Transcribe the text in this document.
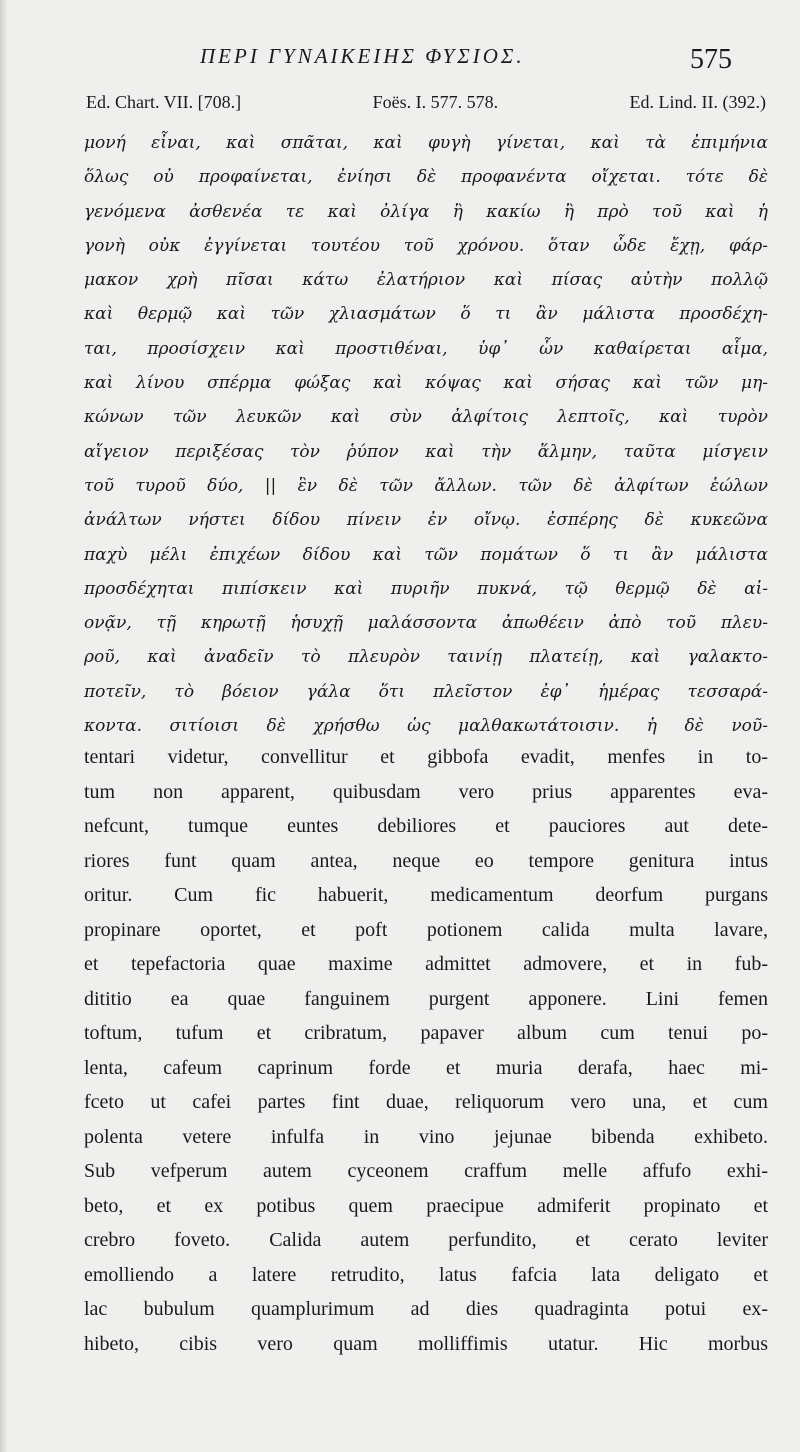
ΠΕΡΙ ΓΥΝΑΙΚΕΙΗΣ ΦΥΣΙΟΣ.	575
Ed. Chart. VII. [708.]	Foës. I. 577. 578.	Ed. Lind. II. (392.)
μονή εἶναι, καὶ σπᾶται, καὶ φυγὴ γίνεται, καὶ τὰ ἐπιμήνια
ὅλως οὐ προφαίνεται, ἐνίησι δὲ προφανέντα οἴχεται. τότε δὲ
γενόμενα ἀσθενέα τε καὶ ὀλίγα ἢ κακίω ἢ πρὸ τοῦ καὶ ἡ
γονὴ οὐκ ἐγγίνεται τουτέου τοῦ χρόνου. ὅταν ὧδε ἔχῃ, φάρ-
μακον χρὴ πῖσαι κάτω ἐλατήριον καὶ πίσας αὐτὴν πολλῷ
καὶ θερμῷ καὶ τῶν χλιασμάτων ὅ τι ἂν μάλιστα προσδέχη-
ται, προσίσχειν καὶ προστιθέναι, ὑφ᾽ ὧν καθαίρεται αἷμα,
καὶ λίνου σπέρμα φώξας καὶ κόψας καὶ σήσας καὶ τῶν μη-
κώνων τῶν λευκῶν καὶ σὺν ἀλφίτοις λεπτοῖς, καὶ τυρὸν
αἴγειον περιξέσας τὸν ῥύπον καὶ τὴν ἅλμην, ταῦτα μίσγειν
τοῦ τυροῦ δύο, || ἓν δὲ τῶν ἄλλων. τῶν δὲ ἀλφίτων ἑώλων
ἀνάλτων νήστει δίδου πίνειν ἐν οἴνῳ. ἐσπέρης δὲ κυκεῶνα
παχὺ μέλι ἐπιχέων δίδου καὶ τῶν πομάτων ὅ τι ἂν μάλιστα
προσδέχηται πιπίσκειν καὶ πυριῆν πυκνά, τῷ θερμῷ δὲ αἰ-
ονᾷν, τῇ κηρωτῇ ἡσυχῇ μαλάσσοντα ἀπωθέειν ἀπὸ τοῦ πλευ-
ροῦ, καὶ ἀναδεῖν τὸ πλευρὸν ταινίῃ πλατείῃ, καὶ γαλακτο-
ποτεῖν, τὸ βόειον γάλα ὅτι πλεῖστον ἐφ᾽ ἡμέρας τεσσαρά-
κοντα. σιτίοισι δὲ χρήσθω ὡς μαλθακωτάτοισιν. ἡ δὲ νοῦ-
tentari videtur, convellitur et gibbofa evadit, menfes in to-
tum non apparent, quibusdam vero prius apparentes eva-
nefcunt, tumque euntes debiliores et pauciores aut dete-
riores funt quam antea, neque eo tempore genitura intus
oritur. Cum fic habuerit, medicamentum deorfum purgans
propinare oportet, et poft potionem calida multa lavare,
et tepefactoria quae maxime admittet admovere, et in fub-
dititio ea quae fanguinem purgent apponere. Lini femen
toftum, tufum et cribratum, papaver album cum tenui po-
lenta, cafeum caprinum forde et muria derafa, haec mi-
fceto ut cafei partes fint duae, reliquorum vero una, et cum
polenta vetere infulfa in vino jejunae bibenda exhibeto.
Sub vefperum autem cyceonem craffum melle affufo exhi-
beto, et ex potibus quem praecipue admiferit propinato et
crebro foveto. Calida autem perfundito, et cerato leviter
emolliendo a latere retrudito, latus fafcia lata deligato et
lac bubulum quamplurimum ad dies quadraginta potui ex-
hibeto, cibis vero quam molliffimis utatur. Hic morbus
